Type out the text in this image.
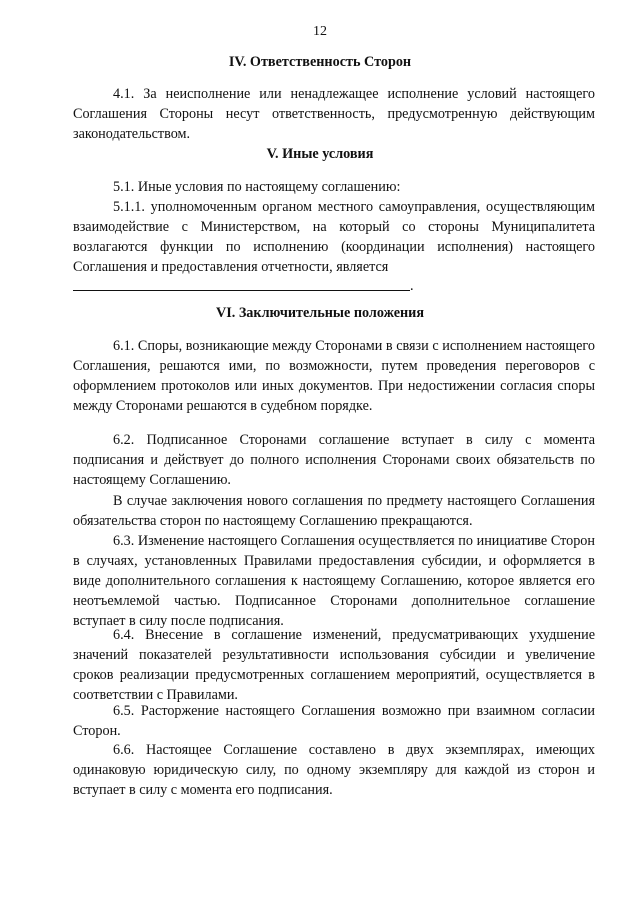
12
IV. Ответственность Сторон
4.1. За неисполнение или ненадлежащее исполнение условий настоящего Соглашения Стороны несут ответственность, предусмотренную действующим законодательством.
V. Иные условия
5.1. Иные условия по настоящему соглашению:
5.1.1. уполномоченным органом местного самоуправления, осуществляющим взаимодействие с Министерством, на который со стороны Муниципалитета возлагаются функции по исполнению (координации исполнения) настоящего Соглашения и предоставления отчетности, является
.
VI. Заключительные положения
6.1. Споры, возникающие между Сторонами в связи с исполнением настоящего Соглашения, решаются ими, по возможности, путем проведения переговоров с оформлением протоколов или иных документов. При недостижении согласия споры между Сторонами решаются в судебном порядке.
6.2. Подписанное Сторонами соглашение вступает в силу с момента подписания и действует до полного исполнения Сторонами своих обязательств по настоящему Соглашению.
В случае заключения нового соглашения по предмету настоящего Соглашения обязательства сторон по настоящему Соглашению прекращаются.
6.3. Изменение настоящего Соглашения осуществляется по инициативе Сторон в случаях, установленных Правилами предоставления субсидии, и оформляется в виде дополнительного соглашения к настоящему Соглашению, которое является его неотъемлемой частью. Подписанное Сторонами дополнительное соглашение вступает в силу после подписания.
6.4. Внесение в соглашение изменений, предусматривающих ухудшение значений показателей результативности использования субсидии и увеличение сроков реализации предусмотренных соглашением мероприятий, осуществляется в соответствии с Правилами.
6.5. Расторжение настоящего Соглашения возможно при взаимном согласии Сторон.
6.6. Настоящее Соглашение составлено в двух экземплярах, имеющих одинаковую юридическую силу, по одному экземпляру для каждой из сторон и вступает в силу с момента его подписания.
